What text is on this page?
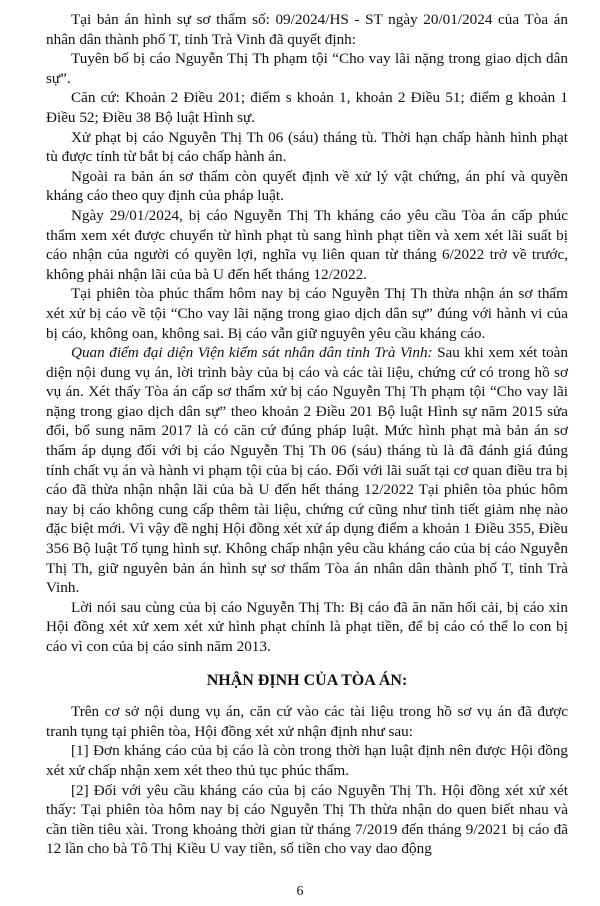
Tại bản án hình sự sơ thẩm số: 09/2024/HS - ST ngày 20/01/2024 của Tòa án nhân dân thành phố T, tỉnh Trà Vinh đã quyết định:

Tuyên bố bị cáo Nguyễn Thị Th phạm tội “Cho vay lãi nặng trong giao dịch dân sự”.

Căn cứ: Khoản 2 Điều 201; điểm s khoản 1, khoản 2 Điều 51; điểm g khoản 1 Điều 52; Điều 38 Bộ luật Hình sự.

Xử phạt bị cáo Nguyễn Thị Th 06 (sáu) tháng tù. Thời hạn chấp hành hình phạt tù được tính từ bắt bị cáo chấp hành án.

Ngoài ra bản án sơ thẩm còn quyết định về xử lý vật chứng, án phí và quyền kháng cáo theo quy định của pháp luật.

Ngày 29/01/2024, bị cáo Nguyễn Thị Th kháng cáo yêu cầu Tòa án cấp phúc thẩm xem xét được chuyển từ hình phạt tù sang hình phạt tiền và xem xét lãi suất bị cáo nhận của người có quyền lợi, nghĩa vụ liên quan từ tháng 6/2022 trở về trước, không phải nhận lãi của bà U đến hết tháng 12/2022.

Tại phiên tòa phúc thẩm hôm nay bị cáo Nguyễn Thị Th thừa nhận án sơ thẩm xét xử bị cáo về tội “Cho vay lãi nặng trong giao dịch dân sự” đúng với hành vi của bị cáo, không oan, không sai. Bị cáo vẫn giữ nguyên yêu cầu kháng cáo.

Quan điểm đại diện Viện kiểm sát nhân dân tỉnh Trà Vinh: Sau khi xem xét toàn diện nội dung vụ án, lời trình bày của bị cáo và các tài liệu, chứng cứ có trong hồ sơ vụ án. Xét thấy Tòa án cấp sơ thẩm xử bị cáo Nguyễn Thị Th phạm tội “Cho vay lãi nặng trong giao dịch dân sự” theo khoản 2 Điều 201 Bộ luật Hình sự năm 2015 sửa đổi, bổ sung năm 2017 là có căn cứ đúng pháp luật. Mức hình phạt mà bản án sơ thẩm áp dụng đối với bị cáo Nguyễn Thị Th 06 (sáu) tháng tù là đã đánh giá đúng tính chất vụ án và hành vi phạm tội của bị cáo. Đối với lãi suất tại cơ quan điều tra bị cáo đã thừa nhận nhận lãi của bà U đến hết tháng 12/2022 Tại phiên tòa phúc hôm nay bị cáo không cung cấp thêm tài liệu, chứng cứ cũng như tình tiết giảm nhẹ nào đặc biệt mới. Vì vậy đề nghị Hội đồng xét xử áp dụng điểm a khoản 1 Điều 355, Điều 356 Bộ luật Tố tụng hình sự. Không chấp nhận yêu cầu kháng cáo của bị cáo Nguyễn Thị Th, giữ nguyên bản án hình sự sơ thẩm Tòa án nhân dân thành phố T, tỉnh Trà Vinh.

Lời nói sau cùng của bị cáo Nguyễn Thị Th: Bị cáo đã ăn năn hối cải, bị cáo xin Hội đồng xét xử xem xét xử hình phạt chính là phạt tiền, để bị cáo có thể lo con bị cáo vì con của bị cáo sinh năm 2013.

NHẬN ĐỊNH CỦA TÒA ÁN:

Trên cơ sở nội dung vụ án, căn cứ vào các tài liệu trong hồ sơ vụ án đã được tranh tụng tại phiên tòa, Hội đồng xét xử nhận định như sau:

[1] Đơn kháng cáo của bị cáo là còn trong thời hạn luật định nên được Hội đồng xét xử chấp nhận xem xét theo thủ tục phúc thẩm.

[2] Đối với yêu cầu kháng cáo của bị cáo Nguyễn Thị Th. Hội đồng xét xử xét thấy: Tại phiên tòa hôm nay bị cáo Nguyễn Thị Th thừa nhận do quen biết nhau và cần tiền tiêu xài. Trong khoảng thời gian từ tháng 7/2019 đến tháng 9/2021 bị cáo đã 12 lần cho bà Tô Thị Kiều U vay tiền, số tiền cho vay dao động

6
